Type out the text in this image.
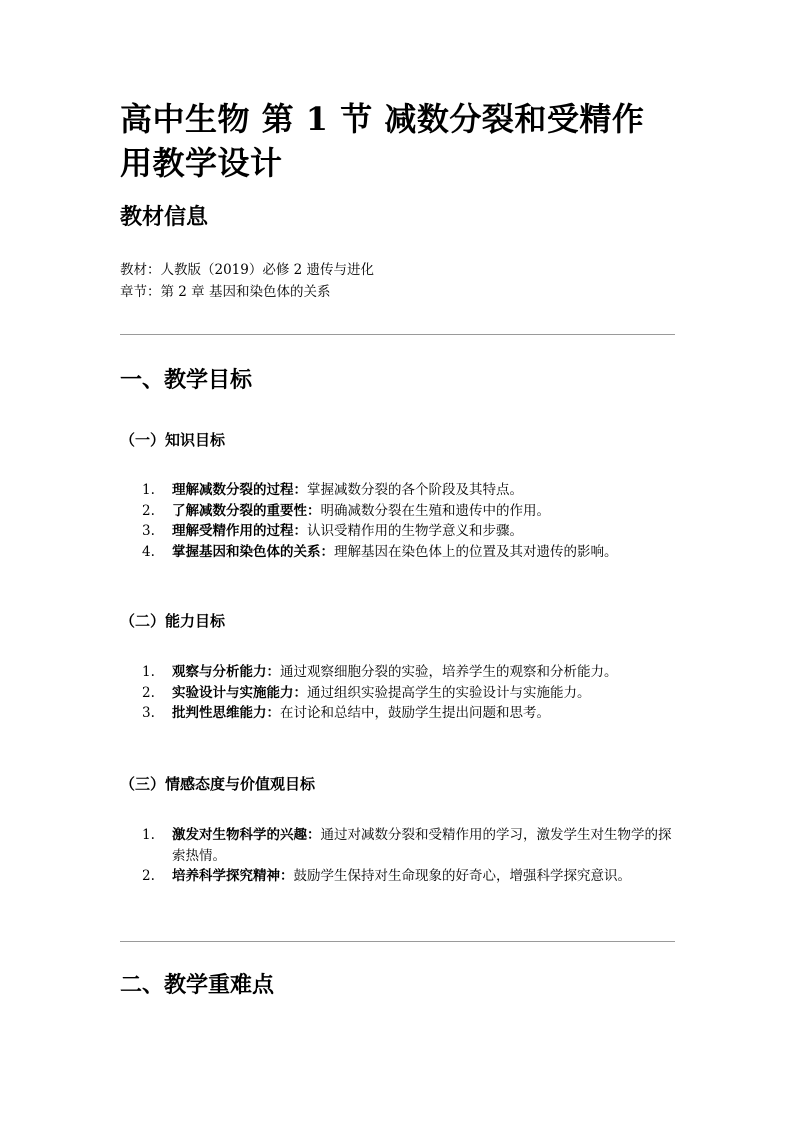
高中生物 第 1 节 减数分裂和受精作用教学设计
教材信息
教材：人教版（2019）必修 2 遗传与进化
章节：第 2 章 基因和染色体的关系
一、教学目标
（一）知识目标
1.	理解减数分裂的过程：掌握减数分裂的各个阶段及其特点。
2.	了解减数分裂的重要性：明确减数分裂在生殖和遗传中的作用。
3.	理解受精作用的过程：认识受精作用的生物学意义和步骤。
4.	掌握基因和染色体的关系：理解基因在染色体上的位置及其对遗传的影响。
（二）能力目标
1.	观察与分析能力：通过观察细胞分裂的实验，培养学生的观察和分析能力。
2.	实验设计与实施能力：通过组织实验提高学生的实验设计与实施能力。
3.	批判性思维能力：在讨论和总结中，鼓励学生提出问题和思考。
（三）情感态度与价值观目标
1.	激发对生物科学的兴趣：通过对减数分裂和受精作用的学习，激发学生对生物学的探索热情。
2.	培养科学探究精神：鼓励学生保持对生命现象的好奇心，增强科学探究意识。
二、教学重难点
